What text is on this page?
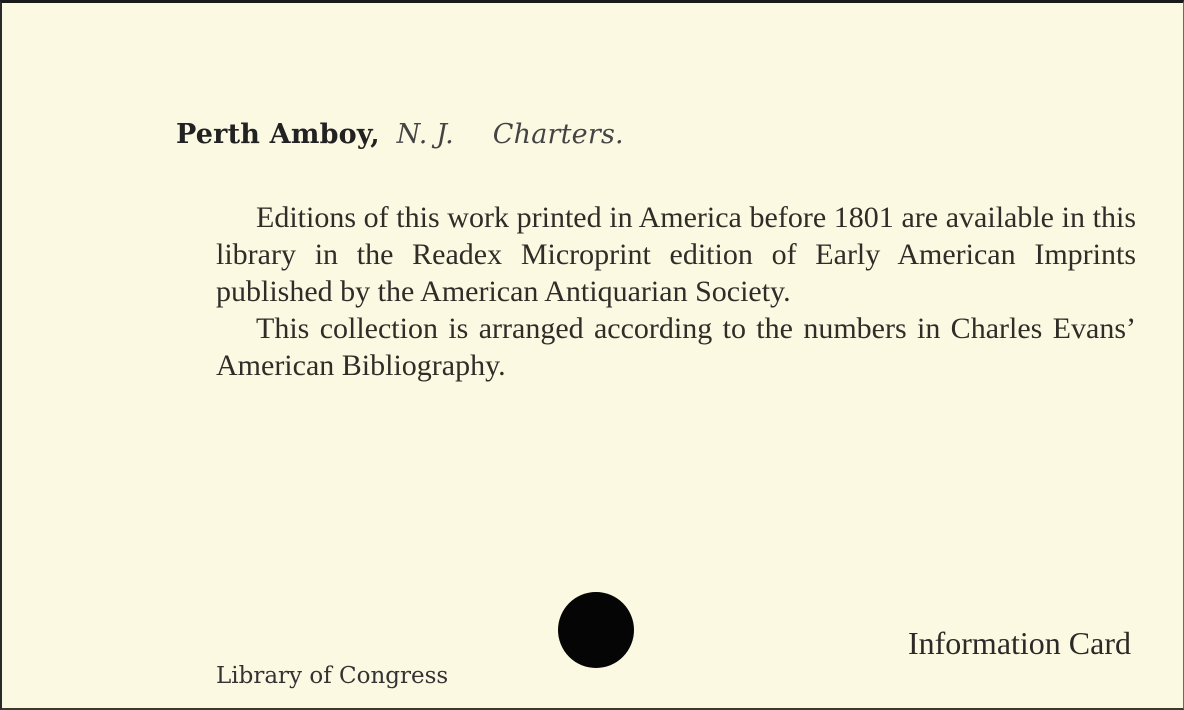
Perth Amboy, N. J. Charters.

Editions of this work printed in America before 1801 are available in this library in the Readex Microprint edition of Early American Imprints published by the American Antiquarian Society.

This collection is arranged according to the numbers in Charles Evans’ American Bibliography.

Library of Congress
Information Card
